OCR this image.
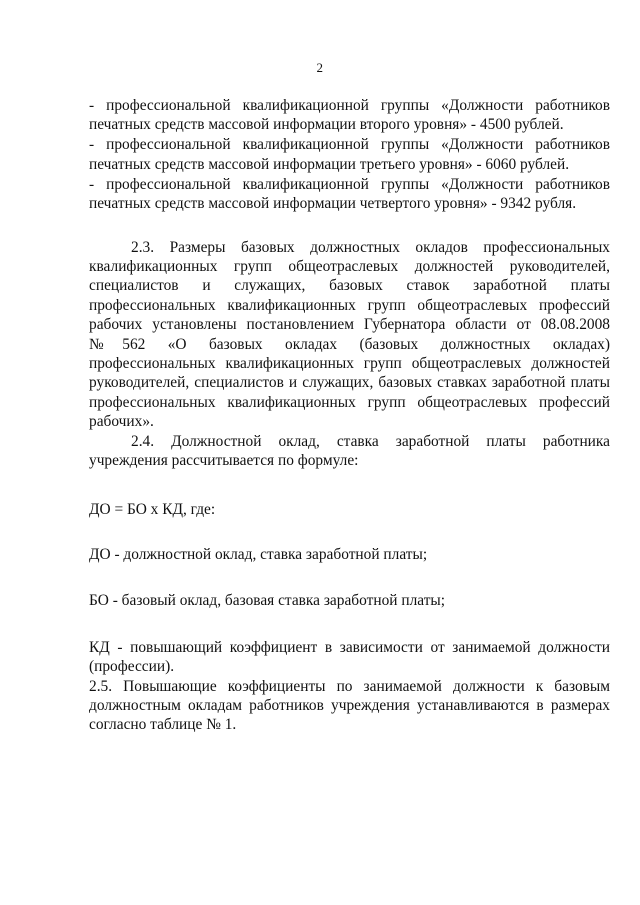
2

- профессиональной квалификационной группы «Должности работников печатных средств массовой информации второго уровня» - 4500 рублей.

- профессиональной квалификационной группы «Должности работников печатных средств массовой информации третьего уровня» - 6060 рублей.

- профессиональной квалификационной группы «Должности работников печатных средств массовой информации четвертого уровня» - 9342 рубля.

2.3. Размеры базовых должностных окладов профессиональных квалификационных групп общеотраслевых должностей руководителей, специалистов и служащих, базовых ставок заработной платы профессиональных квалификационных групп общеотраслевых профессий рабочих установлены постановлением Губернатора области от 08.08.2008 №562 «О базовых окладах (базовых должностных окладах) профессиональных квалификационных групп общеотраслевых должностей руководителей, специалистов и служащих, базовых ставках заработной платы профессиональных квалификационных групп общеотраслевых профессий рабочих».

2.4. Должностной оклад, ставка заработной платы работника учреждения рассчитывается по формуле:

ДО = БО х КД, где:

ДО - должностной оклад, ставка заработной платы;

БО - базовый оклад, базовая ставка заработной платы;

КД - повышающий коэффициент в зависимости от занимаемой должности (профессии).

2.5. Повышающие коэффициенты по занимаемой должности к базовым должностным окладам работников учреждения устанавливаются в размерах согласно таблице № 1.
